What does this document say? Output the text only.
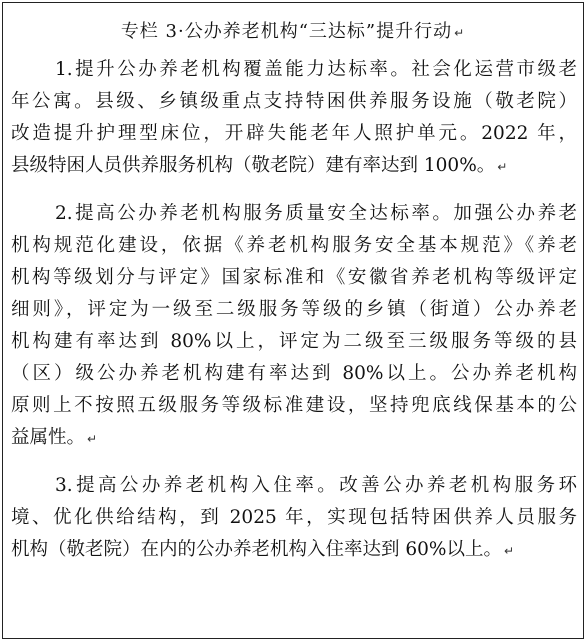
专栏 3·公办养老机构“三达标”提升行动 ↵
1.提升公办养老机构覆盖能力达标率。社会化运营市级老
年公寓。县级、乡镇级重点支持特困供养服务设施（敬老院）
改造提升护理型床位，开辟失能老年人照护单元。2022 年，
县级特困人员供养服务机构（敬老院）建有率达到 100%。 ↵
2.提高公办养老机构服务质量安全达标率。加强公办养老
机构规范化建设，依据《养老机构服务安全基本规范》《养老
机构等级划分与评定》国家标准和《安徽省养老机构等级评定
细则》，评定为一级至二级服务等级的乡镇（街道）公办养老
机构建有率达到 80%以上，评定为二级至三级服务等级的县
（区）级公办养老机构建有率达到 80%以上。公办养老机构
原则上不按照五级服务等级标准建设，坚持兜底线保基本的公
益属性。 ↵
3.提高公办养老机构入住率。改善公办养老机构服务环
境、优化供给结构，到 2025 年，实现包括特困供养人员服务
机构（敬老院）在内的公办养老机构入住率达到 60%以上。 ↵
